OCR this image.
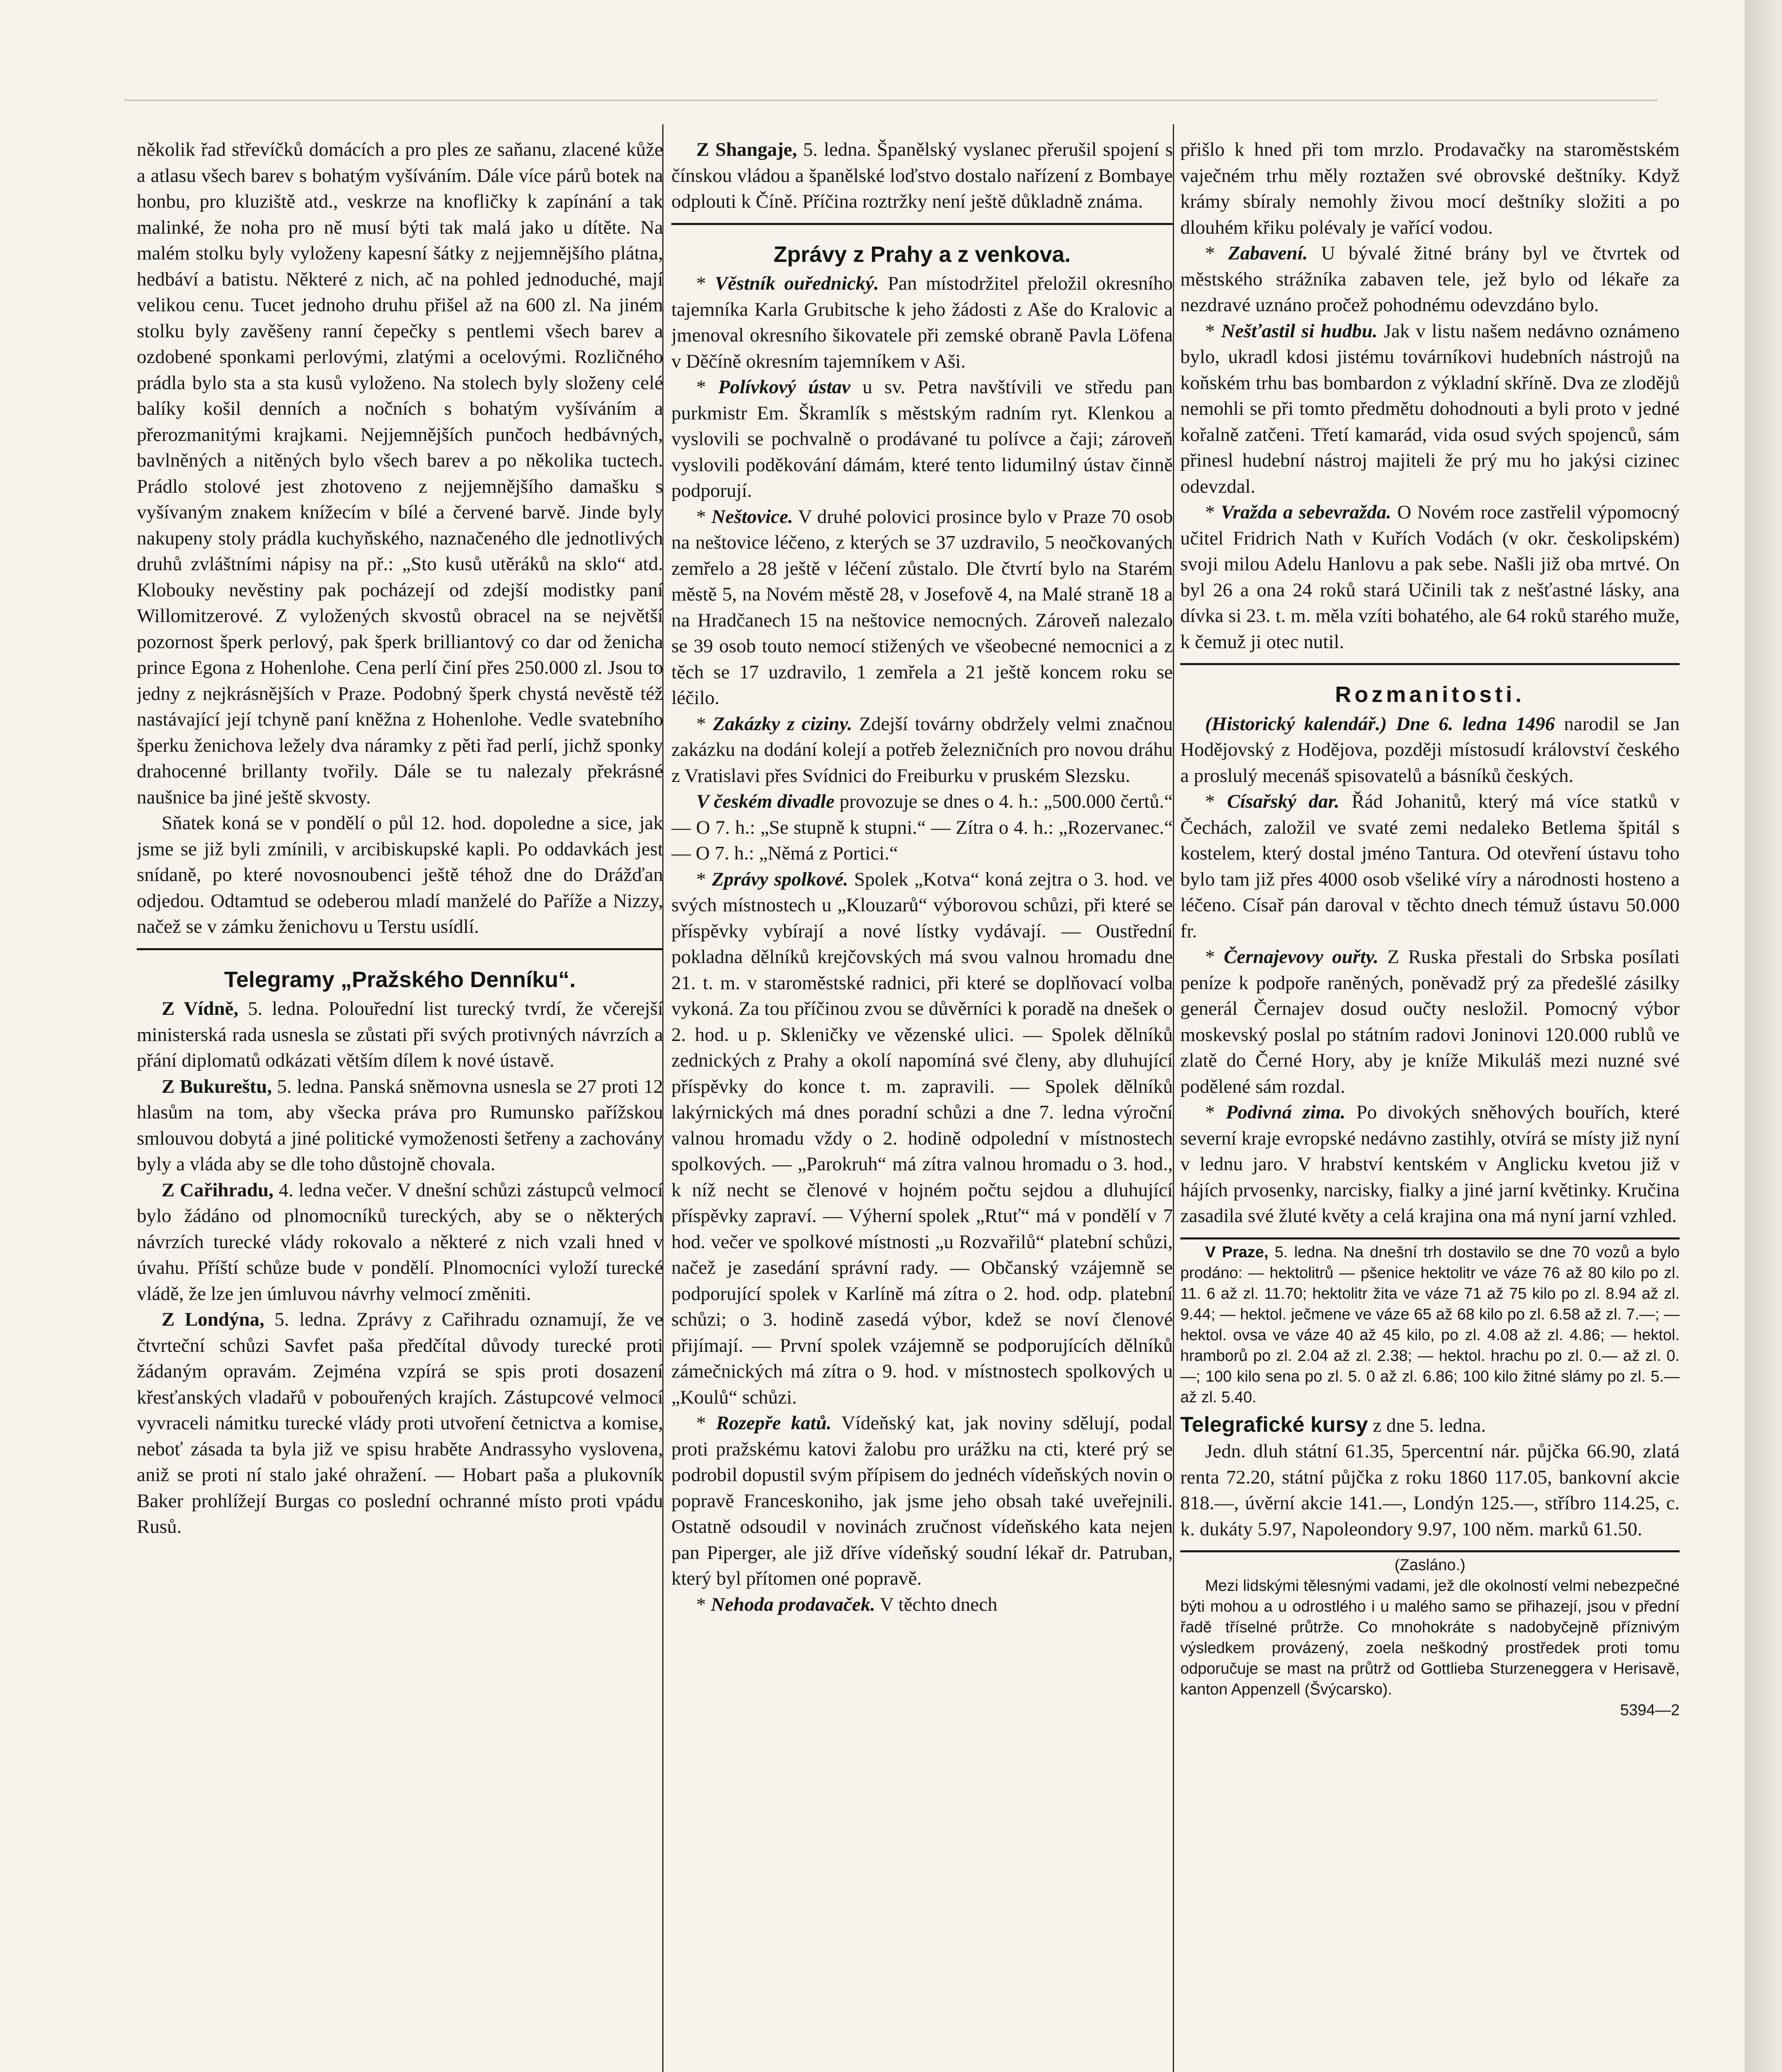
několik řad střevíčků domácích a pro ples ze saňanu, zlacené kůže a atlasu všech barev s bohatým vyšíváním. Dále více párů botek na honbu, pro kluziště atd., veskrze na knofličky k zapínání a tak malinké, že noha pro ně musí býti tak malá jako u dítěte. Na malém stolku byly vyloženy kapesní šátky z nejjemnějšího plátna, hedbáví a batistu. Některé z nich, ač na pohled jednoduché, mají velikou cenu. Tucet jednoho druhu přišel až na 600 zl. Na jiném stolku byly zavěšeny ranní čepečky s pentlemi všech barev a ozdobené sponkami perlovými, zlatými a ocelovými. Rozličného prádla bylo sta a sta kusů vyloženo. Na stolech byly složeny celé balíky košil denních a nočních s bohatým vyšíváním a přerozmanitými krajkami. Nejjemnějších punčoch hedbávných, bavlněných a nitěných bylo všech barev a po několika tuctech. Prádlo stolové jest zhotoveno z nejjemnějšího damašku s vyšívaným znakem knížecím v bílé a červené barvě. Jinde byly nakupeny stoly prádla kuchyňského, naznačeného dle jednotlivých druhů zvláštními nápisy na př.: „Sto kusů utěráků na sklo“ atd. Klobouky nevěstiny pak pocházejí od zdejší modistky paní Willomitzerové. Z vyložených skvostů obracel na se největší pozornost šperk perlový, pak šperk brilliantový co dar od ženicha prince Egona z Hohenlohe. Cena perlí činí přes 250.000 zl. Jsou to jedny z nejkrásnějších v Praze. Podobný šperk chystá nevěstě též nastávající její tchyně paní kněžna z Hohenlohe. Vedle svatebního šperku ženichova ležely dva náramky z pěti řad perlí, jichž sponky drahocenné brillanty tvořily. Dále se tu nalezaly překrásné naušnice ba jiné ještě skvosty.

Sňatek koná se v pondělí o půl 12. hod. dopoledne a sice, jak jsme se již byli zmínili, v arcibiskupské kapli. Po oddavkách jest snídaně, po které novosnoubenci ještě téhož dne do Drážďan odjedou. Odtamtud se odeberou mladí manželé do Paříže a Nizzy, načež se v zámku ženichovu u Terstu usídlí.

Telegramy „Pražského Denníku“.

Z Vídně, 5. ledna. Polouřední list turecký tvrdí, že včerejší ministerská rada usnesla se zůstati při svých protivných návrzích a přání diplomatů odkázati větším dílem k nové ústavě.

Z Bukureštu, 5. ledna. Panská sněmovna usnesla se 27 proti 12 hlasům na tom, aby všecka práva pro Rumunsko pařížskou smlouvou dobytá a jiné politické vymoženosti šetřeny a zachovány byly a vláda aby se dle toho důstojně chovala.

Z Cařihradu, 4. ledna večer. V dnešní schůzi zástupců velmocí bylo žádáno od plnomocníků tureckých, aby se o některých návrzích turecké vlády rokovalo a některé z nich vzali hned v úvahu. Příští schůze bude v pondělí. Plnomocníci vyloží turecké vládě, že lze jen úmluvou návrhy velmocí změniti.

Z Londýna, 5. ledna. Zprávy z Cařihradu oznamují, že ve čtvrteční schůzi Savfet paša předčítal důvody turecké proti žádaným opravám. Zejména vzpírá se spis proti dosazení křesťanských vladařů v pobouřených krajích. Zástupcové velmocí vyvraceli námitku turecké vlády proti utvoření četnictva a komise, neboť zásada ta byla již ve spisu hraběte Andrassyho vyslovena, aniž se proti ní stalo jaké ohražení. — Hobart paša a plukovník Baker prohlížejí Burgas co poslední ochranné místo proti vpádu Rusů.

Z Shangaje, 5. ledna. Španělský vyslanec přerušil spojení s čínskou vládou a španělské loďstvo dostalo nařízení z Bombaye odplouti k Číně. Příčina roztržky není ještě důkladně známa.

Zprávy z Prahy a z venkova.

* Věstník ouřednický. Pan místodržitel přeložil okresního tajemníka Karla Grubitsche k jeho žádosti z Aše do Kralovic a jmenoval okresního šikovatele při zemské obraně Pavla Löfena v Děčíně okresním tajemníkem v Aši.

* Polívkový ústav u sv. Petra navštívili ve středu pan purkmistr Em. Škramlík s městským radním ryt. Klenkou a vyslovili se pochvalně o prodávané tu polívce a čaji; zároveň vyslovili poděkování dámám, které tento lidumilný ústav činně podporují.

* Neštovice. V druhé polovici prosince bylo v Praze 70 osob na neštovice léčeno, z kterých se 37 uzdravilo, 5 neočkovaných zemřelo a 28 ještě v léčení zůstalo. Dle čtvrtí bylo na Starém městě 5, na Novém městě 28, v Josefově 4, na Malé straně 18 a na Hradčanech 15 na neštovice nemocných. Zároveň nalezalo se 39 osob touto nemocí stižených ve všeobecné nemocnici a z těch se 17 uzdravilo, 1 zemřela a 21 ještě koncem roku se léčilo.

* Zakázky z ciziny. Zdejší továrny obdržely velmi značnou zakázku na dodání kolejí a potřeb železničních pro novou dráhu z Vratislavi přes Svídnici do Freiburku v pruském Slezsku.

V českém divadle provozuje se dnes o 4. h.: „500.000 čertů.“ — O 7. h.: „Se stupně k stupni.“ — Zítra o 4. h.: „Rozervanec.“ — O 7. h.: „Němá z Portici.“

* Zprávy spolkové. Spolek „Kotva“ koná zejtra o 3. hod. ve svých místnostech u „Klouzarů“ výborovou schůzi, při které se příspěvky vybírají a nové lístky vydávají. — Oustřední pokladna dělníků krejčovských má svou valnou hromadu dne 21. t. m. v staroměstské radnici, při které se doplňovací volba vykoná. Za tou příčinou zvou se důvěrníci k poradě na dnešek o 2. hod. u p. Skleničky ve vězenské ulici. — Spolek dělníků zednických z Prahy a okolí napomíná své členy, aby dluhující příspěvky do konce t. m. zapravili. — Spolek dělníků lakýrnických má dnes poradní schůzi a dne 7. ledna výroční valnou hromadu vždy o 2. hodině odpolední v místnostech spolkových. — „Parokruh“ má zítra valnou hromadu o 3. hod., k níž necht se členové v hojném počtu sejdou a dluhující příspěvky zapraví. — Výherní spolek „Rtuť“ má v pondělí v 7 hod. večer ve spolkové místnosti „u Rozvařilů“ platební schůzi, načež je zasedání správní rady. — Občanský vzájemně se podporující spolek v Karlíně má zítra o 2. hod. odp. platební schůzi; o 3. hodině zasedá výbor, kdež se noví členové přijímají. — První spolek vzájemně se podporujících dělníků zámečnických má zítra o 9. hod. v místnostech spolkových u „Koulů“ schůzi.

* Rozepře katů. Vídeňský kat, jak noviny sdělují, podal proti pražskému katovi žalobu pro urážku na cti, které prý se podrobil dopustil svým přípisem do jednéch vídeňských novin o popravě Franceskoniho, jak jsme jeho obsah také uveřejnili. Ostatně odsoudil v novinách zručnost vídeňského kata nejen pan Piperger, ale již dříve vídeňský soudní lékař dr. Patruban, který byl přítomen oné popravě.

* Nehoda prodavaček. V těchto dnech

přišlo k hned při tom mrzlo. Prodavačky na staroměstském vaječném trhu měly roztažen své obrovské deštníky. Když krámy sbíraly nemohly živou mocí deštníky složiti a po dlouhém křiku polévaly je vařící vodou.

* Zabavení. U bývalé žitné brány byl ve čtvrtek od městského strážníka zabaven tele, jež bylo od lékaře za nezdravé uznáno pročež pohodnému odevzdáno bylo.

* Nešťastil si hudbu. Jak v listu našem nedávno oznámeno bylo, ukradl kdosi jistému továrníkovi hudebních nástrojů na koňském trhu bas bombardon z výkladní skříně. Dva ze zlodějů nemohli se při tomto předmětu dohodnouti a byli proto v jedné kořalně zatčeni. Třetí kamarád, vida osud svých spojenců, sám přinesl hudební nástroj majiteli že prý mu ho jakýsi cizinec odevzdal.

* Vražda a sebevražda. O Novém roce zastřelil výpomocný učitel Fridrich Nath v Kuřích Vodách (v okr. českolipském) svoji milou Adelu Hanlovu a pak sebe. Našli již oba mrtvé. On byl 26 a ona 24 roků stará Učinili tak z nešťastné lásky, ana dívka si 23. t. m. měla vzíti bohatého, ale 64 roků starého muže, k čemuž ji otec nutil.

Rozmanitosti.

(Historický kalendář.) Dne 6. ledna 1496 narodil se Jan Hodějovský z Hodějova, později místosudí království českého a proslulý mecenáš spisovatelů a básníků českých.

* Císařský dar. Řád Johanitů, který má více statků v Čechách, založil ve svaté zemi nedaleko Betlema špitál s kostelem, který dostal jméno Tantura. Od otevření ústavu toho bylo tam již přes 4000 osob všeliké víry a národnosti hosteno a léčeno. Císař pán daroval v těchto dnech témuž ústavu 50.000 fr.

* Černajevovy ouřty. Z Ruska přestali do Srbska posílati peníze k podpoře raněných, poněvadž prý za předešlé zásilky generál Černajev dosud oučty nesložil. Pomocný výbor moskevský poslal po státním radovi Joninovi 120.000 rublů ve zlatě do Černé Hory, aby je kníže Mikuláš mezi nuzné své podělené sám rozdal.

* Podivná zima. Po divokých sněhových bouřích, které severní kraje evropské nedávno zastihly, otvírá se místy již nyní v lednu jaro. V hrabství kentském v Anglicku kvetou již v hájích prvosenky, narcisky, fialky a jiné jarní květinky. Kručina zasadila své žluté květy a celá krajina ona má nyní jarní vzhled.

V Praze, 5. ledna. Na dnešní trh dostavilo se dne 70 vozů a bylo prodáno: — hektolitrů — pšenice hektolitr ve váze 76 až 80 kilo po zl. 11. 6 až zl. 11.70; hektolitr žita ve váze 71 až 75 kilo po zl. 8.94 až zl. 9.44; — hektol. ječmene ve váze 65 až 68 kilo po zl. 6.58 až zl. 7.—; — hektol. ovsa ve váze 40 až 45 kilo, po zl. 4.08 až zl. 4.86; — hektol. hramborů po zl. 2.04 až zl. 2.38; — hektol. hrachu po zl. 0.— až zl. 0.—; 100 kilo sena po zl. 5. 0 až zl. 6.86; 100 kilo žitné slámy po zl. 5.— až zl. 5.40.

Telegrafické kursy z dne 5. ledna.

Jedn. dluh státní 61.35, 5percentní nár. půjčka 66.90, zlatá renta 72.20, státní půjčka z roku 1860 117.05, bankovní akcie 818.—, úvěrní akcie 141.—, Londýn 125.—, stříbro 114.25, c. k. dukáty 5.97, Napoleondory 9.97, 100 něm. marků 61.50.

(Zasláno.)

Mezi lidskými tělesnými vadami, jež dle okolností velmi nebezpečné býti mohou a u odrostlého i u malého samo se přihazejí, jsou v přední řadě tříselné průtrže. Co mnohokráte s nadobyčejně příznivým výsledkem provázený, zoela neškodný prostředek proti tomu odporučuje se mast na průtrž od Gottlieba Sturzeneggera v Herisavě, kanton Appenzell (Švýcarsko).

5394—2
